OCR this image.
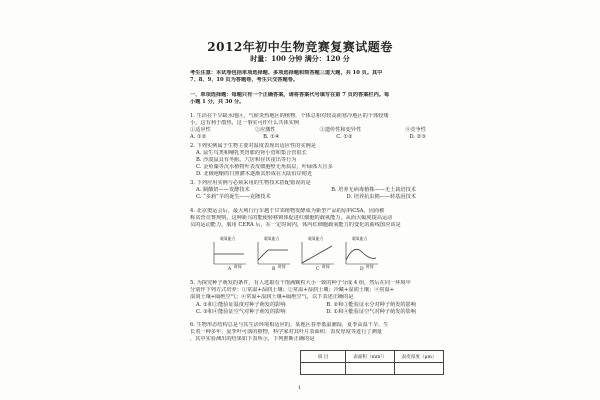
2012年初中生物竞赛复赛试题卷
时量：100 分钟 满分：120 分
考生注意：本试卷包括单项选择题、多项选择题和简答题三道大题，共 10 页。其中
7、8、9、10 页为答题卷，考生只交答题卷。
一、单项选择题：每题只有一个正确答案，请将答案代号填写在第 7 页的答案栏内。每
小题 1 分，共 30 分。
1. 生活在干旱缺水地区，气候炎热地区的植物，个体总相对较高而寒冷地区的个体较矮
小，这有利于散热，这一事实可作什么共体实例
①适应性	②应激性	③遗传性和变异性	④竞争性
A. ①②	B. ①④	C. ①②	D. ②③
2. 下列实例属于生物主要对温度表现出适应性的实例是
A. 鼠生鸟类和哺乳类胃胀的肾小管和集合管很长
B. 沙漠鼠具有冬眠、穴居和昼伏夜出等行为
C. 金鱼藻等沉水植物叶表皮细胞壁无角质层，叶绿体大且多
D. 北极地缩的日照灌木逐渐其形成在大陆沿岸附近
3. 下列应用实例与必须采用的生物技术搭配错误的是
A. 制酸奶——发酵技术	B. 培养无病毒植株——无土栽培技术
C. “多莉”羊的诞生——克隆技术	D. 培养抗虫棉——转基因技术
4. 北京奥运会后，最大利行行车越于甘邻植物发酵成为新型产品的原料CSA，因而被
称贫营竞赛规则。这种新兴的能使转移锁体促进红细胞的载氧能力，从而大幅度提高运动
员的运动能力。服用 CERA 后，在一定时间内，体内红细胞载氧能力的变化的曲线图应该是
载氧能力
时间
A
载氧能力
时间
B
载氧能力
时间
C
载氧能力
时间
D
5. 为探究种子萌发的条件，有人选取有干饱满颗粒大小一致的种子分成 4 组，然后在同一环境中
分别作下列方式培养：①常温+湿润土壤；②常温+湿润土壤；冷藏+湿润土壤；④常温+
湿润土壤+隔绝空气；④常温+湿润土壤+隔绝空气，以下表述正确的是
A. ①和②能验证温度对种子萌发的影响	B. ②和③能验证水分对种子萌发的影响
C. ③和④能验证空气对种子萌发的影响	D. ①和④能验证空气对种子萌发的影响
6. 生物形态结构总是与其生活环境相适应的。某地区春季低温潮湿，夏季高温干旱，生
长着一种多年、夏季叶可落的植物，科学家对其叶片表面积、表皮厚度等进行了测量
，其中实验测出的结果如下表所示，下列推断正确的是
项 目	表面积（mm²）	表皮厚度（μm）

1
